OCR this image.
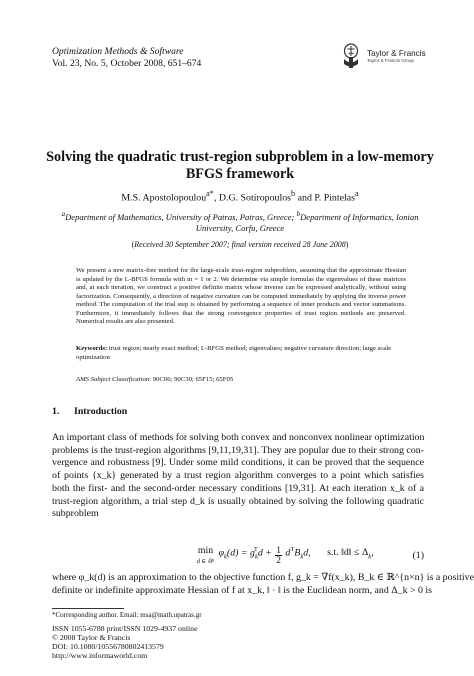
Optimization Methods & Software
Vol. 23, No. 5, October 2008, 651–674
Taylor & Francis
Taylor & Francis Group
Solving the quadratic trust-region subproblem in a low-memory
BFGS framework
M.S. Apostolopoulou$^{a*}$, D.G. Sotiropoulos$^b$ and P. Pintelas$^a$
$^a$Department of Mathematics, University of Patras, Patras, Greece; $^b$Department of Informatics, Ionian University, Corfu, Greece
(Received 30 September 2007; final version received 28 June 2008)
We present a new matrix-free method for the large-scale trust-region subproblem, assuming that the approximate Hessian is updated by the L-BFGS formula with m = 1 or 2. We determine via simple formulas the eigenvalues of these matrices and, at each iteration, we construct a positive definite matrix whose inverse can be expressed analytically, without using factorization. Consequently, a direction of negative curvature can be computed immediately by applying the inverse power method. The computation of the trial step is obtained by performing a sequence of inner products and vector summations. Furthermore, it immediately follows that the strong convergence properties of trust region methods are preserved. Numerical results are also presented.
Keywords: trust region; nearly exact method; L-BFGS method; eigenvalues; negative curvature direction; large scale optimization
AMS Subject Classification: 90C06; 90C30; 65F15; 65F05
1. Introduction
An important class of methods for solving both convex and nonconvex nonlinear optimization
problems is the trust-region algorithms [9,11,19,31]. They are popular due to their strong con-
vergence and robustness [9]. Under some mild conditions, it can be proved that the sequence
of points {x_k} generated by a trust region algorithm converges to a point which satisfies
both the first- and the second-order necessary conditions [19,31]. At each iteration x_k of a
trust-region algorithm, a trial step d_k is usually obtained by solving the following quadratic
subproblem
min
d ∈ ℝⁿ $\varphi_k(d) = g_k^Td + \frac{1}{2} d^TB_kd$, s.t. ‖d‖ ≤ $\Delta_k$,	(1)
where φ_k(d) is an approximation to the objective function f, g_k = ∇f(x_k), B_k ∈ ℝ^{n×n} is a positive
definite or indefinite approximate Hessian of f at x_k, ‖ · ‖ is the Euclidean norm, and Δ_k > 0 is
*Corresponding author. Email: msa@math.upatras.gr
ISSN 1055-6788 print/ISSN 1029-4937 online
© 2008 Taylor & Francis
DOI: 10.1080/10556780802413579
http://www.informaworld.com
